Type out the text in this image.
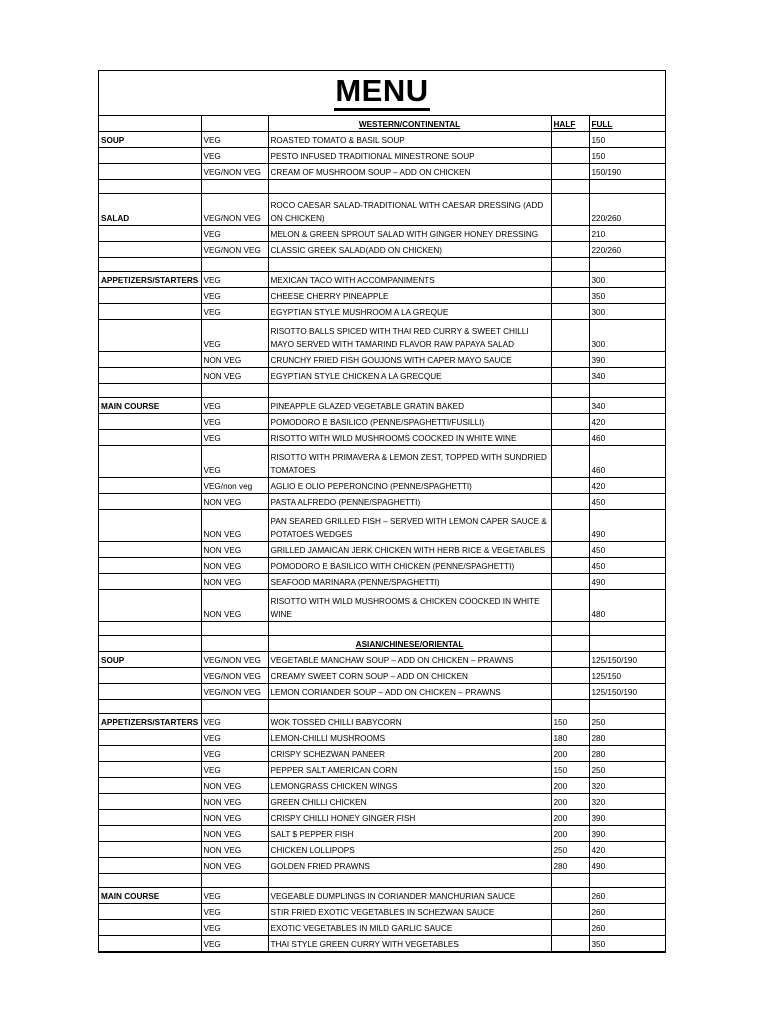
MENU
		WESTERN/CONTINENTAL	HALF	FULL
SOUP	VEG	ROASTED TOMATO & BASIL SOUP		150
	VEG	PESTO INFUSED TRADITIONAL MINESTRONE SOUP		150
	VEG/NON VEG	CREAM OF MUSHROOM SOUP – ADD ON CHICKEN		150/190

SALAD	VEG/NON VEG	ROCO CAESAR SALAD-TRADITIONAL WITH CAESAR DRESSING (ADD ON CHICKEN)		220/260
	VEG	MELON & GREEN SPROUT SALAD WITH GINGER HONEY DRESSING		210
	VEG/NON VEG	CLASSIC GREEK SALAD(ADD ON CHICKEN)		220/260

APPETIZERS/STARTERS	VEG	MEXICAN TACO WITH ACCOMPANIMENTS		300
	VEG	CHEESE CHERRY PINEAPPLE		350
	VEG	EGYPTIAN STYLE MUSHROOM A LA GREQUE		300
	VEG	RISOTTO BALLS SPICED WITH THAI RED CURRY & SWEET CHILLI MAYO SERVED WITH TAMARIND FLAVOR RAW PAPAYA SALAD		300
	NON VEG	CRUNCHY FRIED FISH GOUJONS WITH CAPER MAYO SAUCE		390
	NON VEG	EGYPTIAN STYLE CHICKEN A LA GRECQUE		340

MAIN COURSE	VEG	PINEAPPLE GLAZED VEGETABLE GRATIN BAKED		340
	VEG	POMODORO E BASILICO (PENNE/SPAGHETTI/FUSILLI)		420
	VEG	RISOTTO WITH WILD MUSHROOMS COOCKED IN WHITE WINE		460
	VEG	RISOTTO WITH PRIMAVERA & LEMON ZEST, TOPPED WITH SUNDRIED TOMATOES		460
	VEG/non veg	AGLIO E OLIO PEPERONCINO (PENNE/SPAGHETTI)		420
	NON VEG	PASTA ALFREDO (PENNE/SPAGHETTI)		450
	NON VEG	PAN SEARED GRILLED FISH – SERVED WITH LEMON CAPER SAUCE & POTATOES WEDGES		490
	NON VEG	GRILLED JAMAICAN JERK CHICKEN WITH HERB RICE & VEGETABLES		450
	NON VEG	POMODORO E BASILICO WITH CHICKEN (PENNE/SPAGHETTI)		450
	NON VEG	SEAFOOD MARINARA (PENNE/SPAGHETTI)		490
	NON VEG	RISOTTO WITH WILD MUSHROOMS & CHICKEN COOCKED IN WHITE WINE		480

		ASIAN/CHINESE/ORIENTAL		
SOUP	VEG/NON VEG	VEGETABLE MANCHAW SOUP – ADD ON CHICKEN – PRAWNS		125/150/190
	VEG/NON VEG	CREAMY SWEET CORN SOUP – ADD ON CHICKEN		125/150
	VEG/NON VEG	LEMON CORIANDER SOUP – ADD ON CHICKEN – PRAWNS		125/150/190

APPETIZERS/STARTERS	VEG	WOK TOSSED CHILLI BABYCORN	150	250
	VEG	LEMON-CHILLI MUSHROOMS	180	280
	VEG	CRISPY SCHEZWAN PANEER	200	280
	VEG	PEPPER SALT AMERICAN CORN	150	250
	NON VEG	LEMONGRASS CHICKEN WINGS	200	320
	NON VEG	GREEN CHILLI CHICKEN	200	320
	NON VEG	CRISPY CHILLI HONEY GINGER FISH	200	390
	NON VEG	SALT $ PEPPER FISH	200	390
	NON VEG	CHICKEN LOLLIPOPS	250	420
	NON VEG	GOLDEN FRIED PRAWNS	280	490

MAIN COURSE	VEG	VEGEABLE DUMPLINGS IN CORIANDER MANCHURIAN SAUCE		260
	VEG	STIR FRIED EXOTIC VEGETABLES IN SCHEZWAN SAUCE		260
	VEG	EXOTIC VEGETABLES IN MILD GARLIC SAUCE		260
	VEG	THAI STYLE GREEN CURRY WITH VEGETABLES		350
